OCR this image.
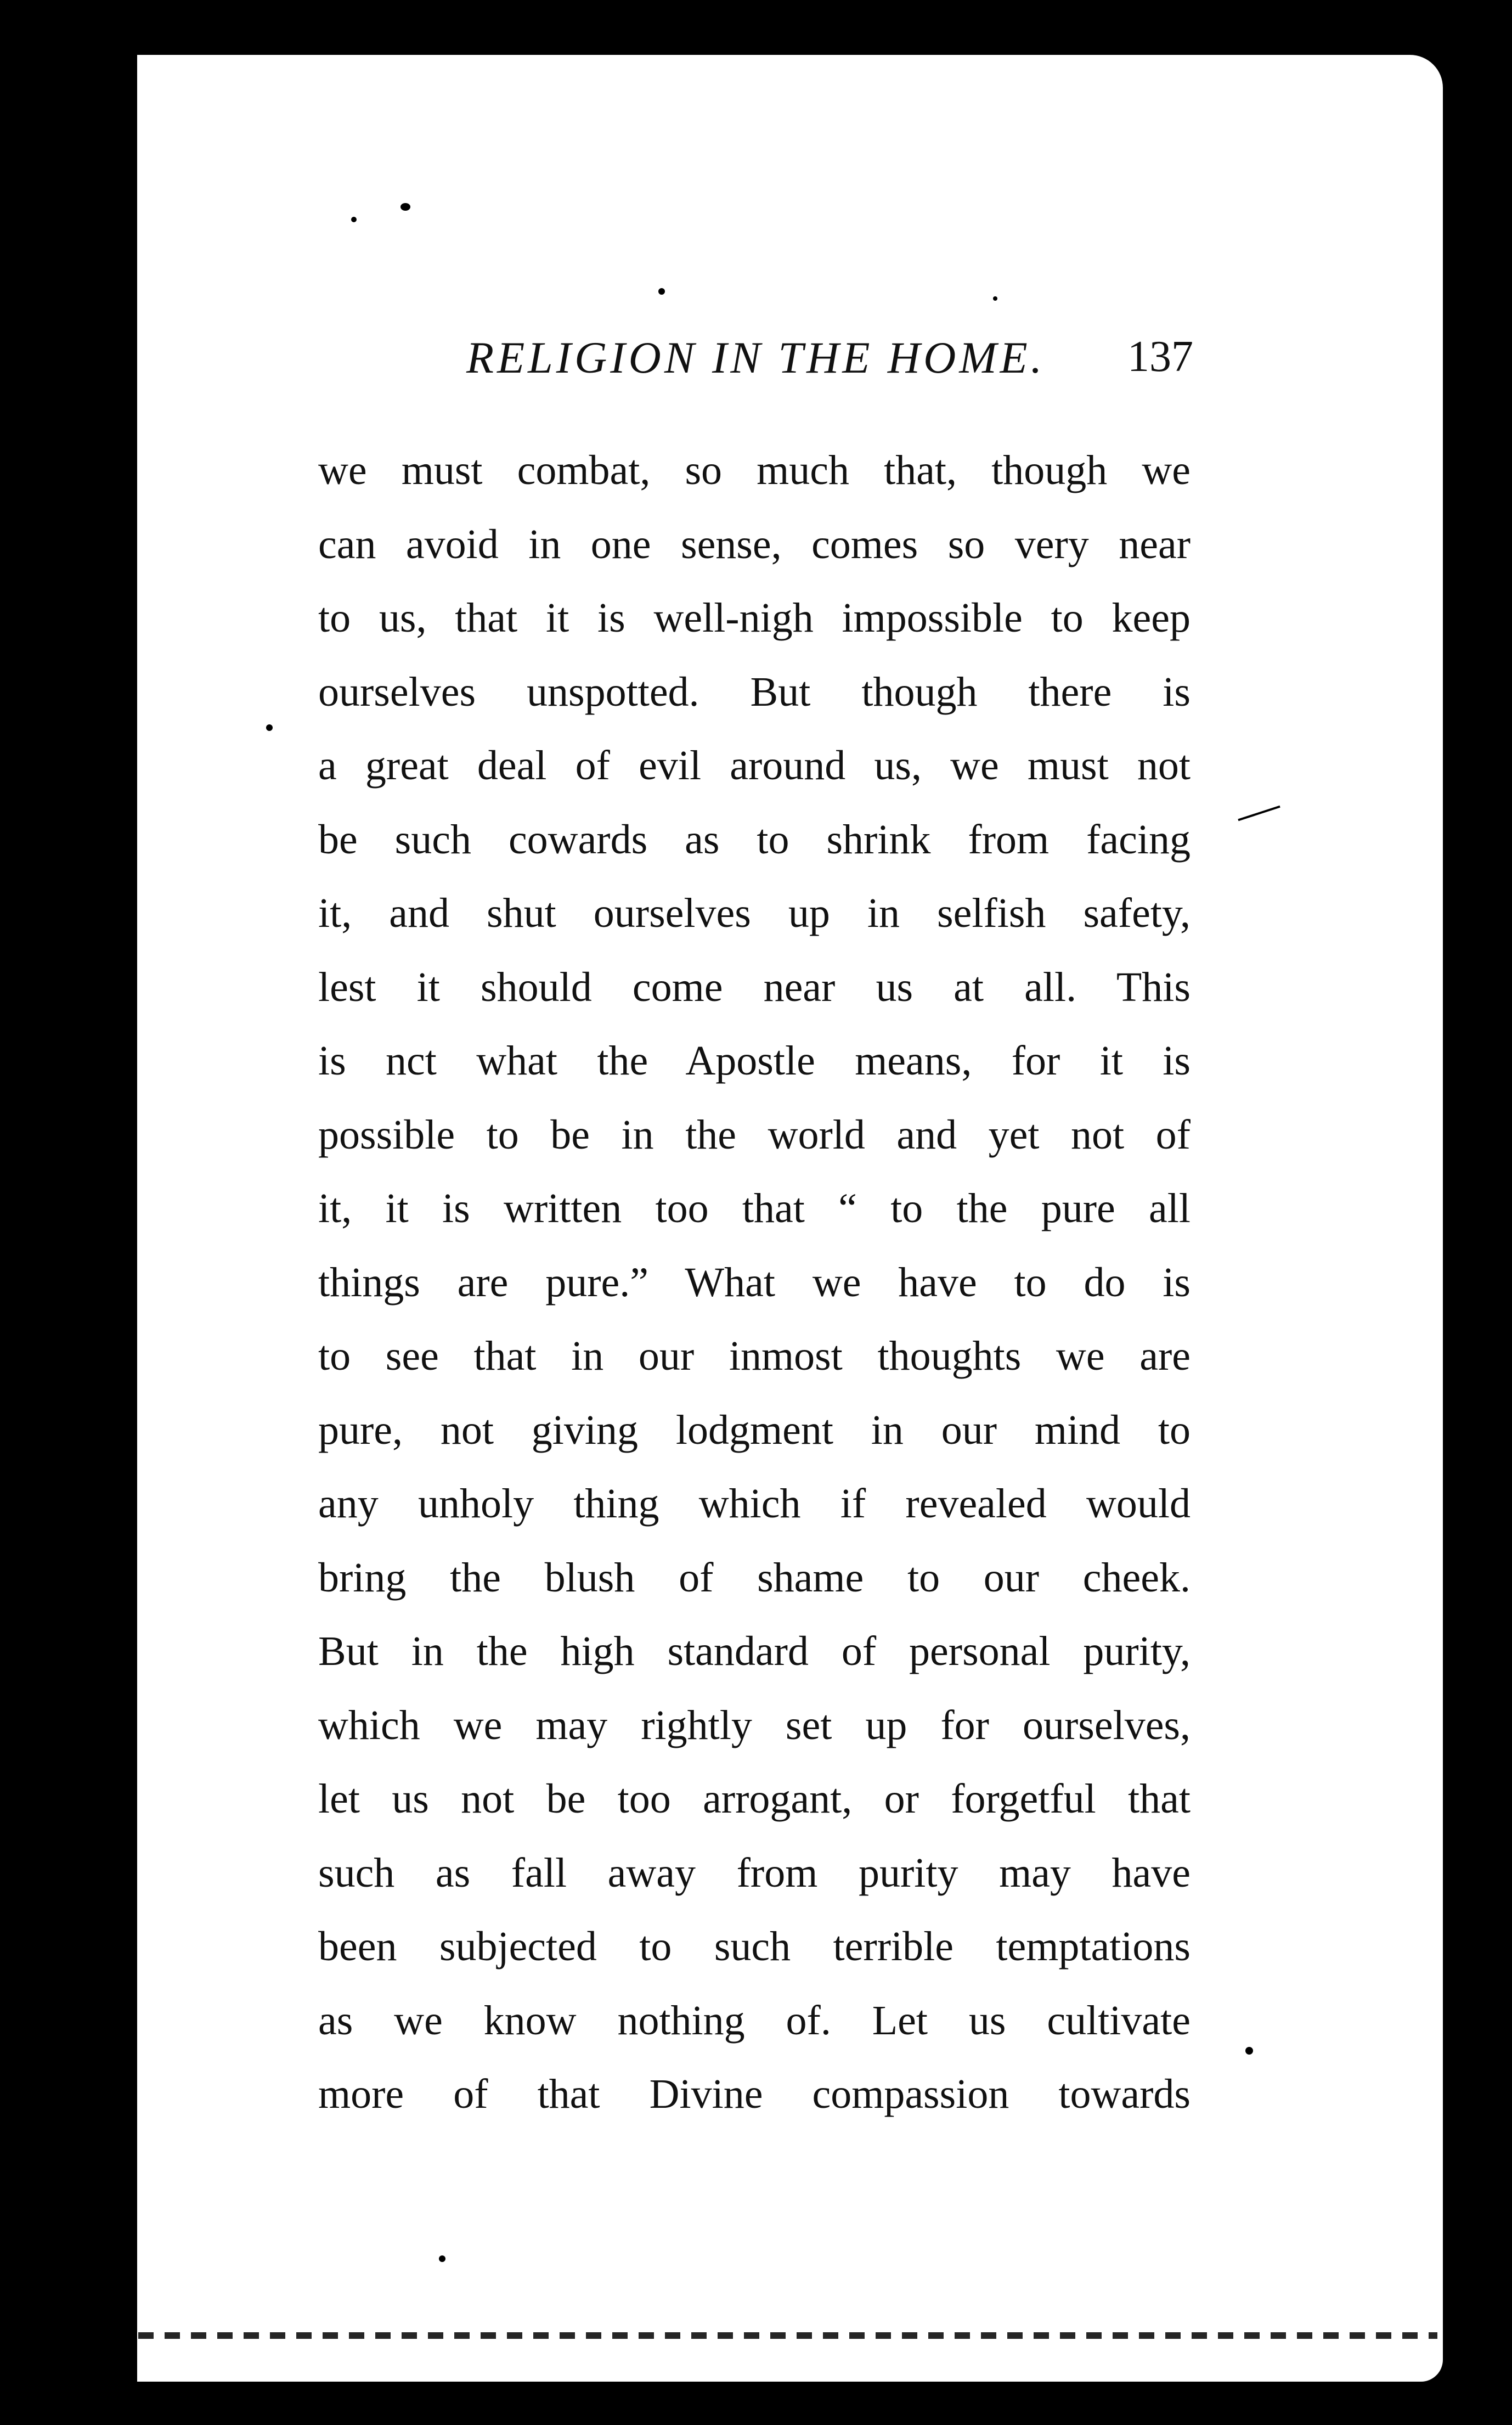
RELIGION IN THE HOME.	137
we must combat, so much that, though we
can avoid in one sense, comes so very near
to us, that it is well-nigh impossible to keep
ourselves unspotted. But though there is
a great deal of evil around us, we must not
be such cowards as to shrink from facing
it, and shut ourselves up in selfish safety,
lest it should come near us at all. This
is nct what the Apostle means, for it is
possible to be in the world and yet not of
it, it is written too that “ to the pure all
things are pure.” What we have to do is
to see that in our inmost thoughts we are
pure, not giving lodgment in our mind to
any unholy thing which if revealed would
bring the blush of shame to our cheek.
But in the high standard of personal purity,
which we may rightly set up for ourselves,
let us not be too arrogant, or forgetful that
such as fall away from purity may have
been subjected to such terrible temptations
as we know nothing of. Let us cultivate
more of that Divine compassion towards
